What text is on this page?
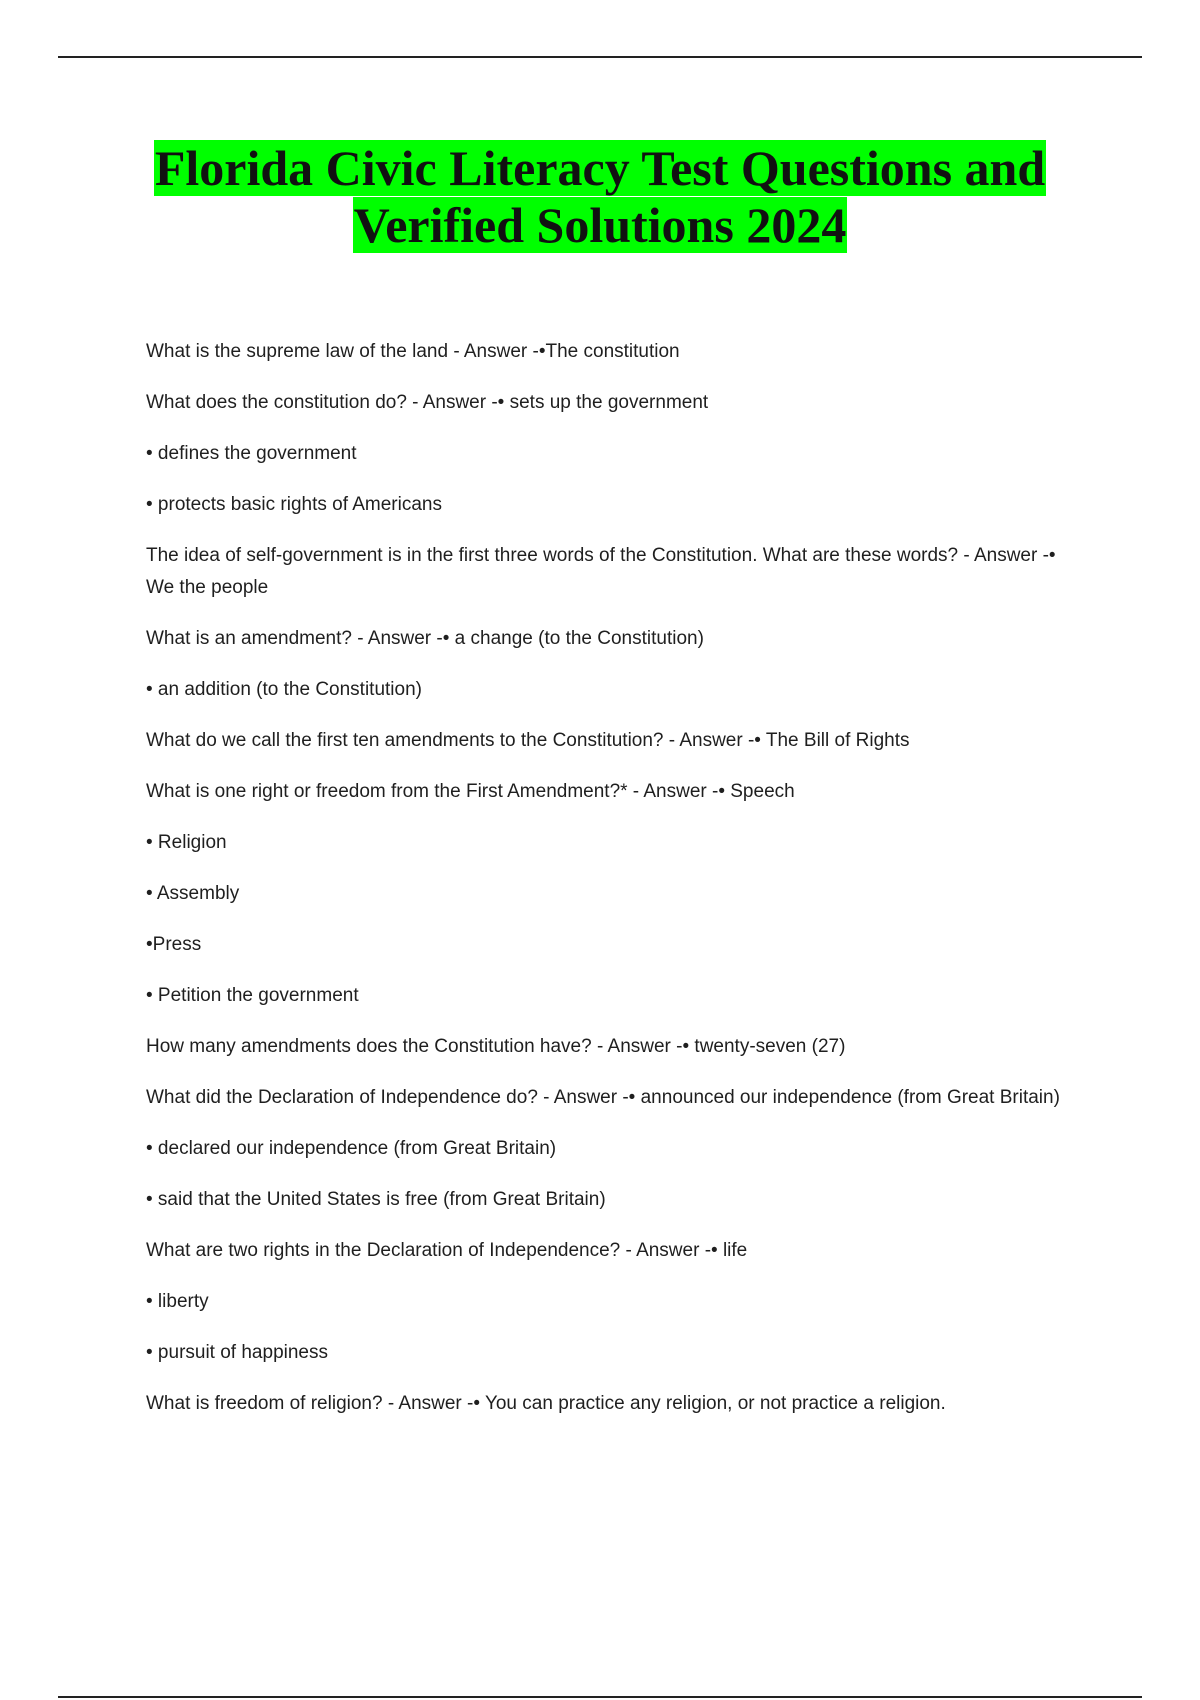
Florida Civic Literacy Test Questions and
Verified Solutions 2024

What is the supreme law of the land - Answer -•The constitution

What does the constitution do? - Answer -• sets up the government

• defines the government

• protects basic rights of Americans

The idea of self-government is in the first three words of the Constitution. What are these words? - Answer -• We the people

What is an amendment? - Answer -• a change (to the Constitution)

• an addition (to the Constitution)

What do we call the first ten amendments to the Constitution? - Answer -• The Bill of Rights

What is one right or freedom from the First Amendment?* - Answer -• Speech

• Religion

• Assembly

•Press

• Petition the government

How many amendments does the Constitution have? - Answer -• twenty-seven (27)

What did the Declaration of Independence do? - Answer -• announced our independence (from Great Britain)

• declared our independence (from Great Britain)

• said that the United States is free (from Great Britain)

What are two rights in the Declaration of Independence? - Answer -• life

• liberty

• pursuit of happiness

What is freedom of religion? - Answer -• You can practice any religion, or not practice a religion.
